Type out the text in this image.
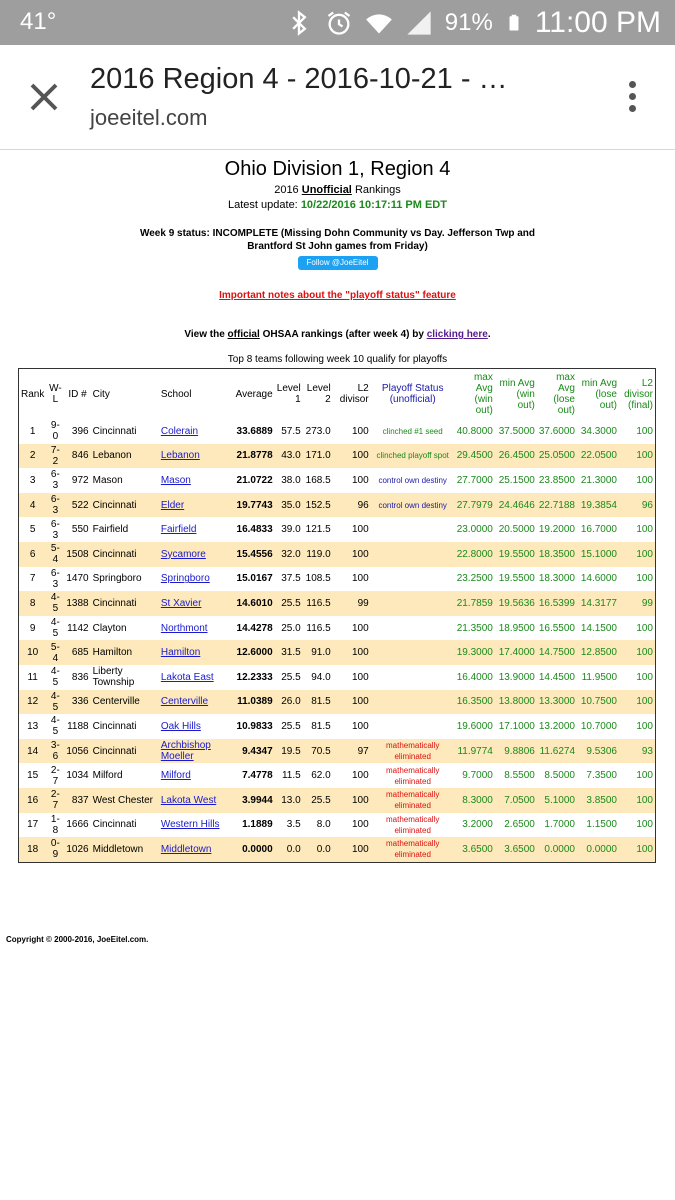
41°	91% 11:00 PM
2016 Region 4 - 2016-10-21 - …
joeeitel.com
Ohio Division 1, Region 4
2016 Unofficial Rankings
Latest update: 10/22/2016 10:17:11 PM EDT
Week 9 status: INCOMPLETE (Missing Dohn Community vs Day. Jefferson Twp and Brantford St John games from Friday)
Follow @JoeEitel
Important notes about the "playoff status" feature
View the official OHSAA rankings (after week 4) by clicking here.
Top 8 teams following week 10 qualify for playoffs
Rank	W-L	ID #	City	School	Average	Level 1	Level 2	L2 divisor	Playoff Status (unofficial)	max Avg (win out)	min Avg (win out)	max Avg (lose out)	min Avg (lose out)	L2 divisor (final)
1	9-0	396	Cincinnati	Colerain	33.6889	57.5	273.0	100	clinched #1 seed	40.8000	37.5000	37.6000	34.3000	100
2	7-2	846	Lebanon	Lebanon	21.8778	43.0	171.0	100	clinched playoff spot	29.4500	26.4500	25.0500	22.0500	100
3	6-3	972	Mason	Mason	21.0722	38.0	168.5	100	control own destiny	27.7000	25.1500	23.8500	21.3000	100
4	6-3	522	Cincinnati	Elder	19.7743	35.0	152.5	96	control own destiny	27.7979	24.4646	22.7188	19.3854	96
5	6-3	550	Fairfield	Fairfield	16.4833	39.0	121.5	100		23.0000	20.5000	19.2000	16.7000	100
6	5-4	1508	Cincinnati	Sycamore	15.4556	32.0	119.0	100		22.8000	19.5500	18.3500	15.1000	100
7	6-3	1470	Springboro	Springboro	15.0167	37.5	108.5	100		23.2500	19.5500	18.3000	14.6000	100
8	4-5	1388	Cincinnati	St Xavier	14.6010	25.5	116.5	99		21.7859	19.5636	16.5399	14.3177	99
9	4-5	1142	Clayton	Northmont	14.4278	25.0	116.5	100		21.3500	18.9500	16.5500	14.1500	100
10	5-4	685	Hamilton	Hamilton	12.6000	31.5	91.0	100		19.3000	17.4000	14.7500	12.8500	100
11	4-5	836	Liberty Township	Lakota East	12.2333	25.5	94.0	100		16.4000	13.9000	14.4500	11.9500	100
12	4-5	336	Centerville	Centerville	11.0389	26.0	81.5	100		16.3500	13.8000	13.3000	10.7500	100
13	4-5	1188	Cincinnati	Oak Hills	10.9833	25.5	81.5	100		19.6000	17.1000	13.2000	10.7000	100
14	3-6	1056	Cincinnati	Archbishop Moeller	9.4347	19.5	70.5	97	mathematically eliminated	11.9774	9.8806	11.6274	9.5306	93
15	2-7	1034	Milford	Milford	7.4778	11.5	62.0	100	mathematically eliminated	9.7000	8.5500	8.5000	7.3500	100
16	2-7	837	West Chester	Lakota West	3.9944	13.0	25.5	100	mathematically eliminated	8.3000	7.0500	5.1000	3.8500	100
17	1-8	1666	Cincinnati	Western Hills	1.1889	3.5	8.0	100	mathematically eliminated	3.2000	2.6500	1.7000	1.1500	100
18	0-9	1026	Middletown	Middletown	0.0000	0.0	0.0	100	mathematically eliminated	3.6500	3.6500	0.0000	0.0000	100
Copyright © 2000-2016, JoeEitel.com.
